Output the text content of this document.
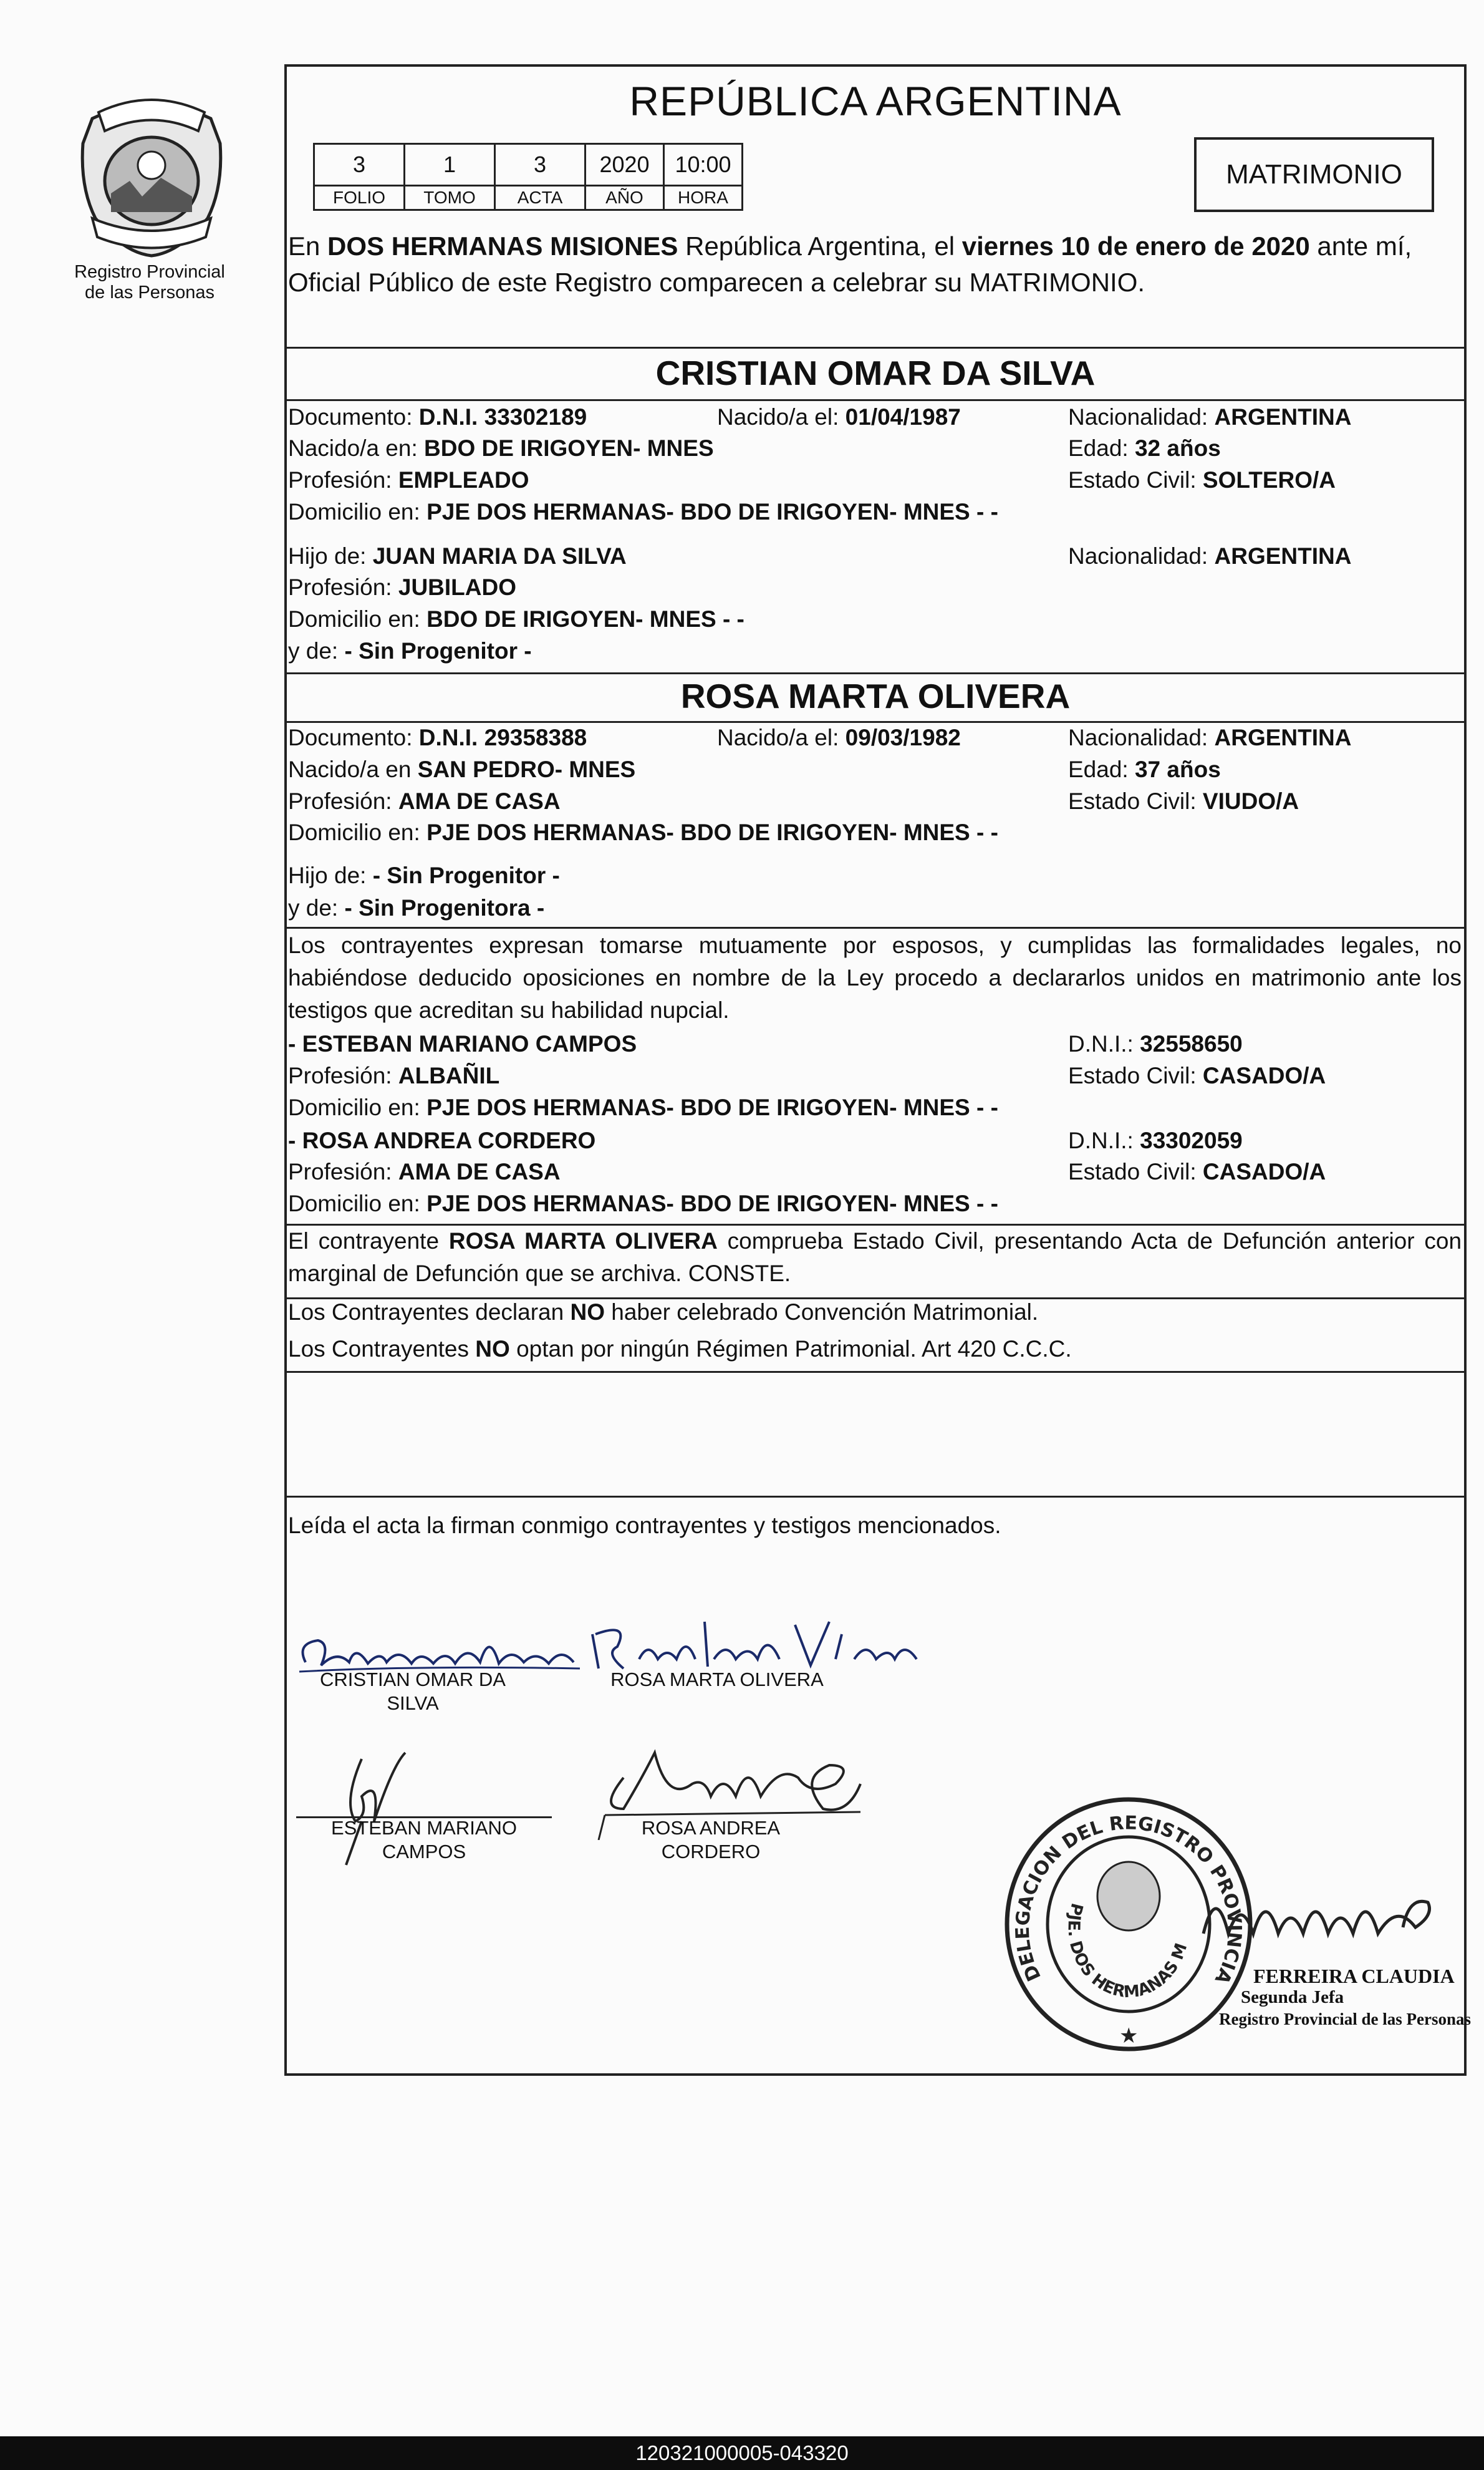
Registro Provincial
de las Personas
REPÚBLICA ARGENTINA
3	1	3	2020	10:00
FOLIO	TOMO	ACTA	AÑO	HORA
MATRIMONIO
En DOS HERMANAS MISIONES República Argentina, el viernes 10 de enero de 2020 ante mí, Oficial Público de este Registro comparecen a celebrar su MATRIMONIO.
CRISTIAN OMAR DA SILVA
Documento: D.N.I. 33302189	Nacido/a el: 01/04/1987	Nacionalidad: ARGENTINA
Nacido/a en: BDO DE IRIGOYEN- MNES	Edad: 32 años
Profesión: EMPLEADO	Estado Civil: SOLTERO/A
Domicilio en: PJE DOS HERMANAS- BDO DE IRIGOYEN- MNES - -
Hijo de: JUAN MARIA DA SILVA	Nacionalidad: ARGENTINA
Profesión: JUBILADO
Domicilio en: BDO DE IRIGOYEN- MNES - -
y de: - Sin Progenitor -
ROSA MARTA OLIVERA
Documento: D.N.I. 29358388	Nacido/a el: 09/03/1982	Nacionalidad: ARGENTINA
Nacido/a en SAN PEDRO- MNES	Edad: 37 años
Profesión: AMA DE CASA	Estado Civil: VIUDO/A
Domicilio en: PJE DOS HERMANAS- BDO DE IRIGOYEN- MNES - -
Hijo de: - Sin Progenitor -
y de: - Sin Progenitora -
Los contrayentes expresan tomarse mutuamente por esposos, y cumplidas las formalidades legales, no habiéndose deducido oposiciones en nombre de la Ley procedo a declararlos unidos en matrimonio ante los testigos que acreditan su habilidad nupcial.
- ESTEBAN MARIANO CAMPOS	D.N.I.: 32558650
Profesión: ALBAÑIL	Estado Civil: CASADO/A
Domicilio en: PJE DOS HERMANAS- BDO DE IRIGOYEN- MNES - -
- ROSA ANDREA CORDERO	D.N.I.: 33302059
Profesión: AMA DE CASA	Estado Civil: CASADO/A
Domicilio en: PJE DOS HERMANAS- BDO DE IRIGOYEN- MNES - -
El contrayente ROSA MARTA OLIVERA comprueba Estado Civil, presentando Acta de Defunción anterior con marginal de Defunción que se archiva. CONSTE.
Los Contrayentes declaran NO haber celebrado Convención Matrimonial.
Los Contrayentes NO optan por ningún Régimen Patrimonial. Art 420 C.C.C.
Leída el acta la firman conmigo contrayentes y testigos mencionados.
CRISTIAN OMAR DA
SILVA
ROSA MARTA OLIVERA
ESTEBAN MARIANO
CAMPOS
ROSA ANDREA
CORDERO
DELEGACION DEL REGISTRO PROVINCIA
PJE. DOS HERMANAS M
★
FERREIRA CLAUDIA
Segunda Jefa
Registro Provincial de las Personas
120321000005-043320
